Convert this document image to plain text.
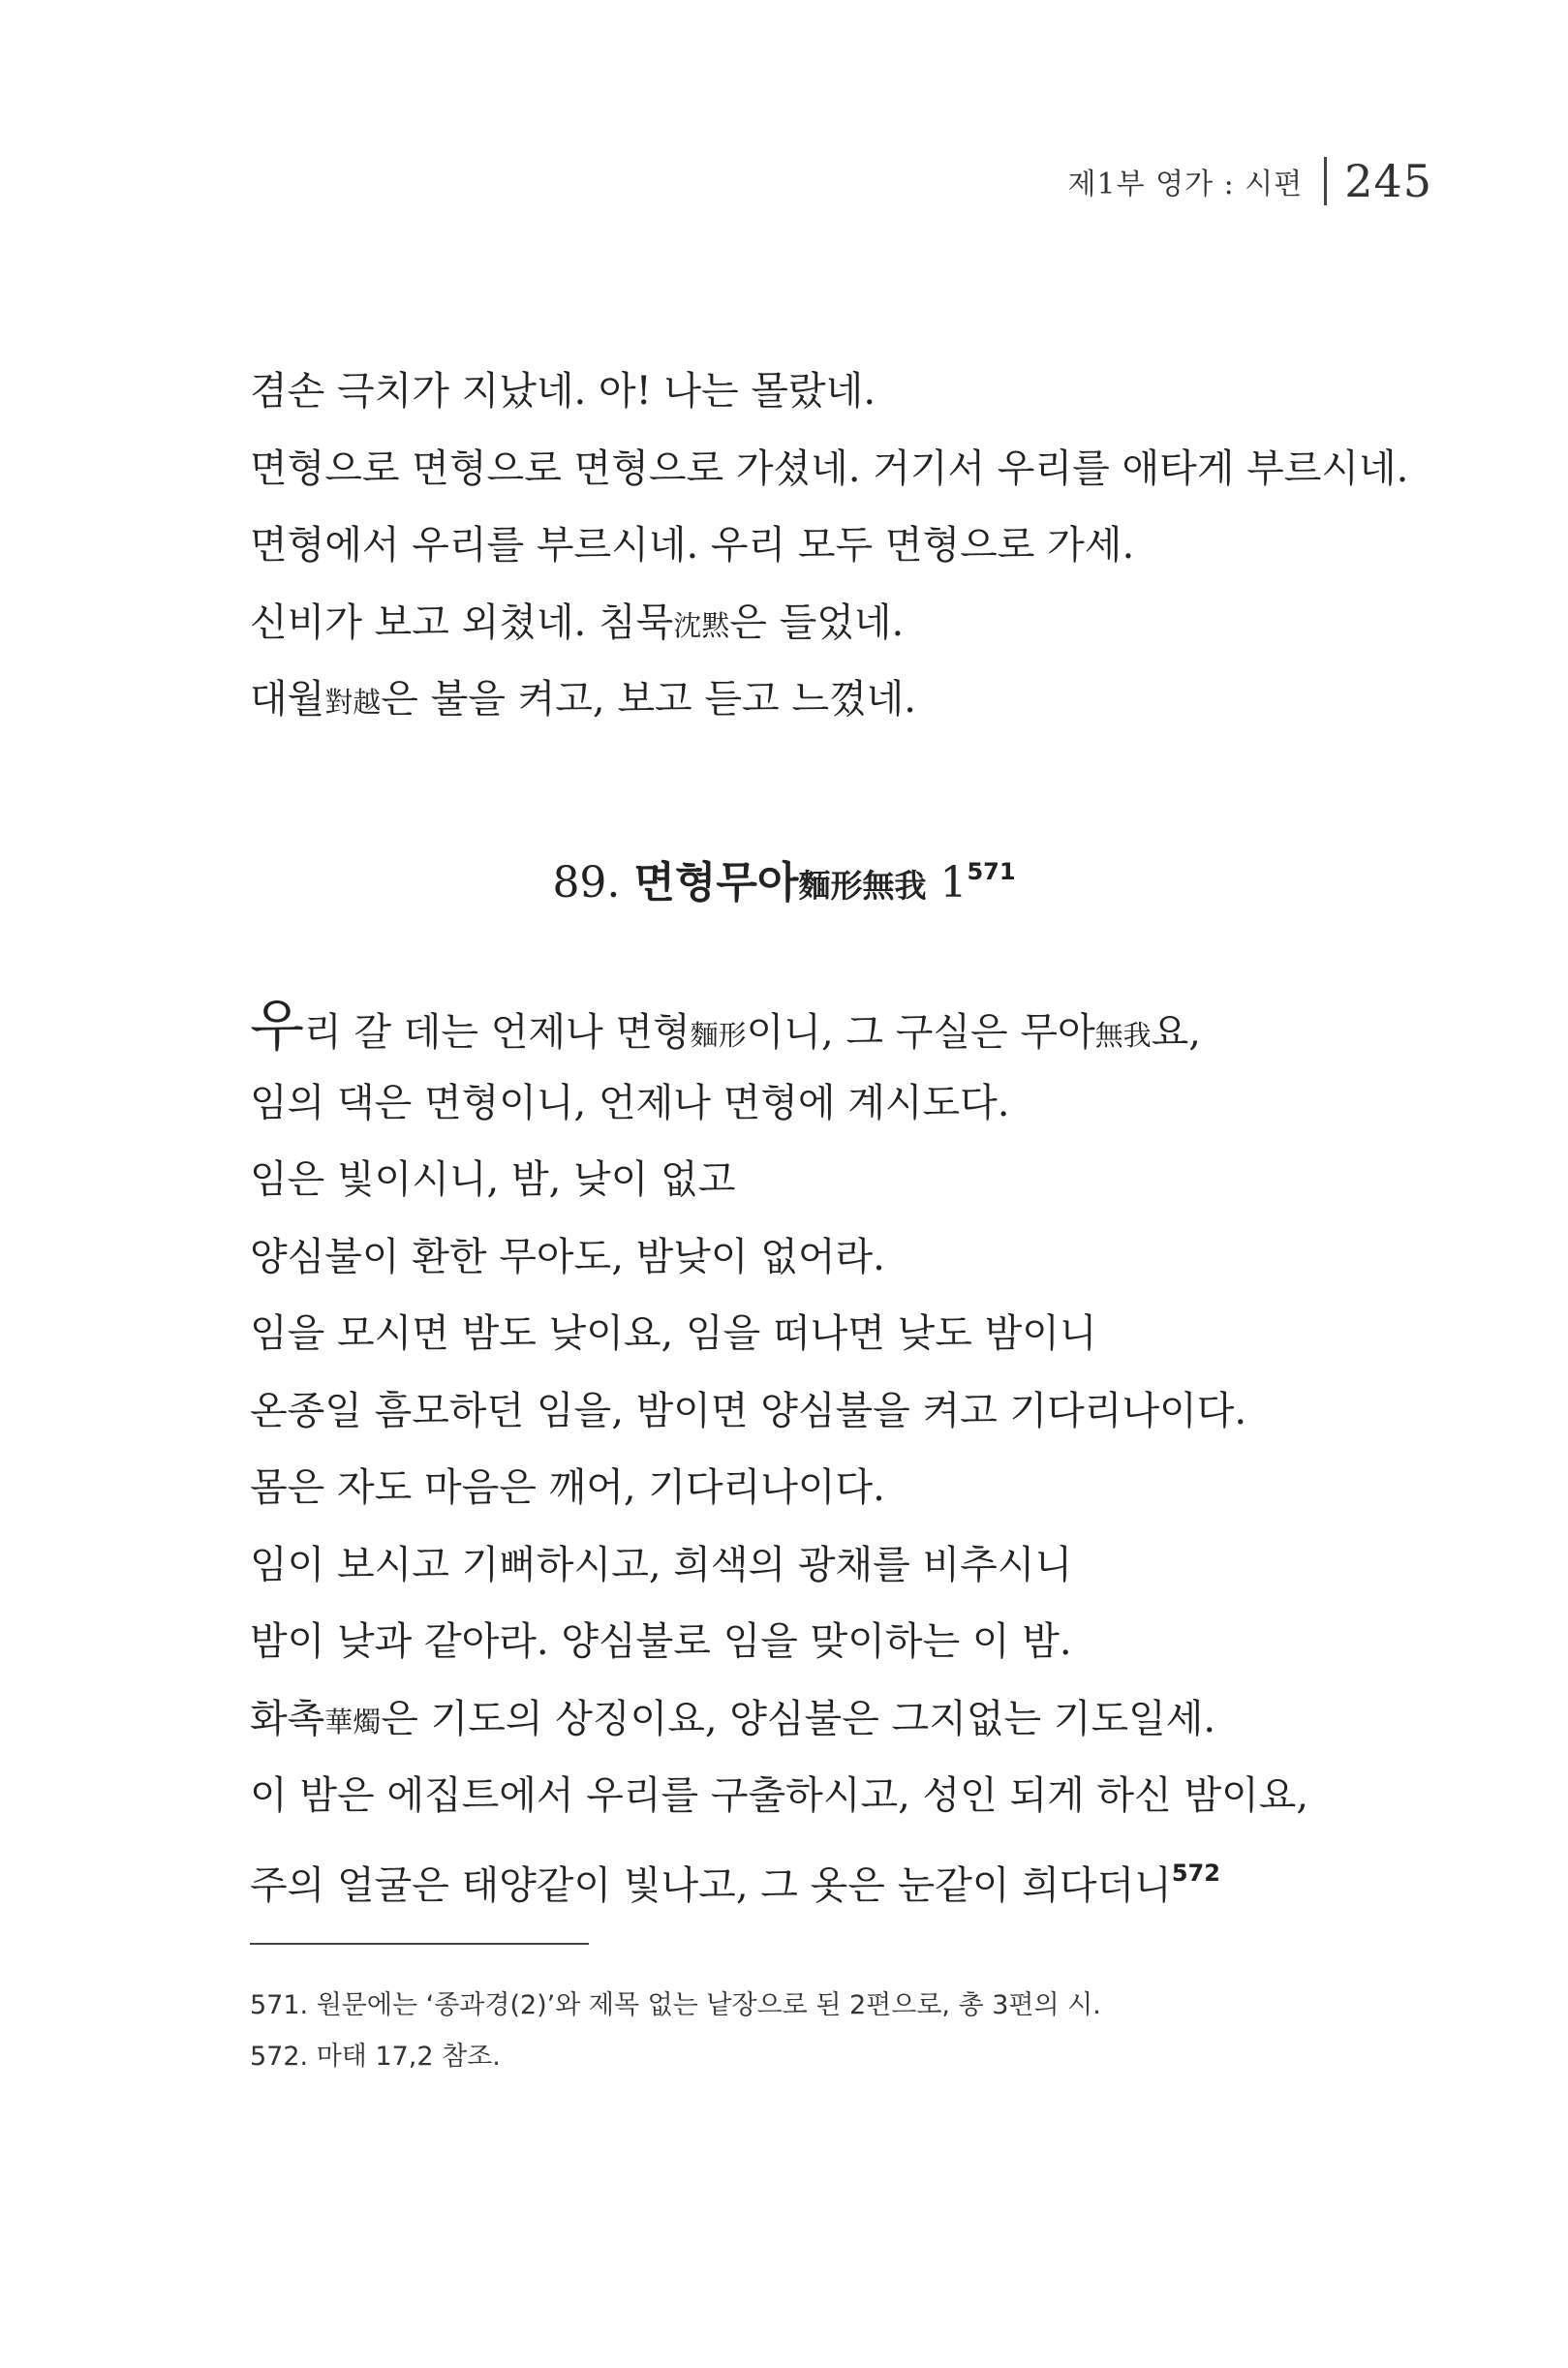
제1부 영가 : 시편 245
겸손 극치가 지났네. 아! 나는 몰랐네.
면형으로 면형으로 면형으로 가셨네. 거기서 우리를 애타게 부르시네.
면형에서 우리를 부르시네. 우리 모두 면형으로 가세.
신비가 보고 외쳤네. 침묵沈黙은 들었네.
대월對越은 불을 켜고, 보고 듣고 느꼈네.
89. 면형무아麵形無我 $1^{571}$
우리 갈 데는 언제나 면형麵形이니, 그 구실은 무아無我요,
임의 댁은 면형이니, 언제나 면형에 계시도다.
임은 빛이시니, 밤, 낮이 없고
양심불이 환한 무아도, 밤낮이 없어라.
임을 모시면 밤도 낮이요, 임을 떠나면 낮도 밤이니
온종일 흠모하던 임을, 밤이면 양심불을 켜고 기다리나이다.
몸은 자도 마음은 깨어, 기다리나이다.
임이 보시고 기뻐하시고, 희색의 광채를 비추시니
밤이 낮과 같아라. 양심불로 임을 맞이하는 이 밤.
화촉華燭은 기도의 상징이요, 양심불은 그지없는 기도일세.
이 밤은 에집트에서 우리를 구출하시고, 성인 되게 하신 밤이요,
주의 얼굴은 태양같이 빛나고, 그 옷은 눈같이 희다더니$^{572}$
571. 원문에는 ‘종과경(2)’와 제목 없는 낱장으로 된 2편으로, 총 3편의 시.
572. 마태 17,2 참조.
